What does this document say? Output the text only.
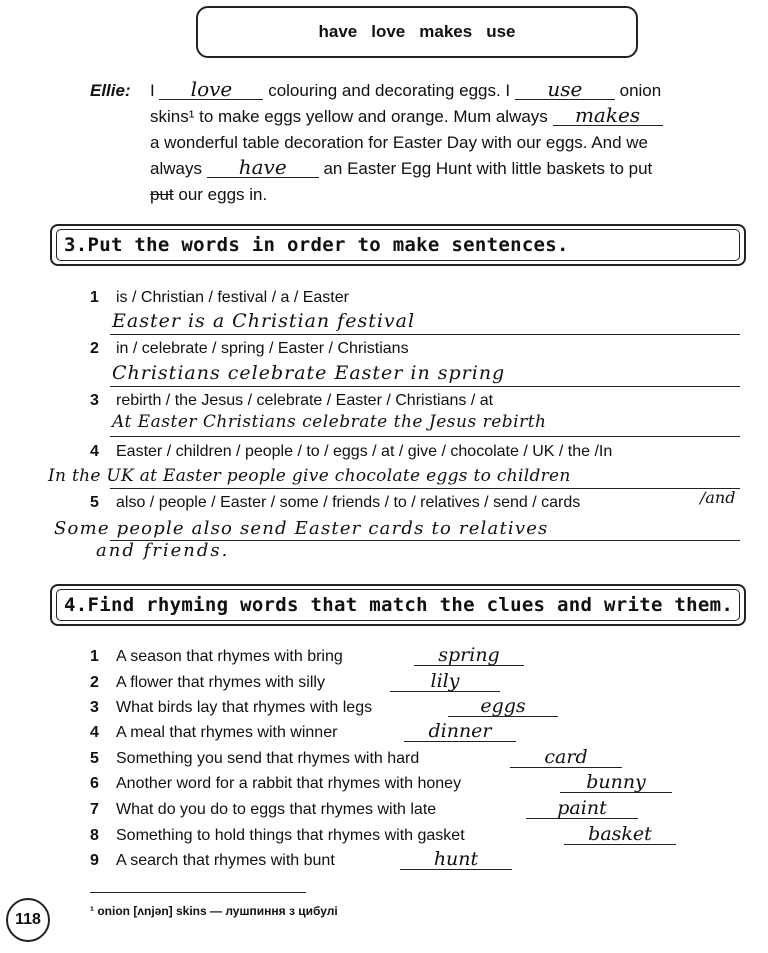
have love makes use
Ellie: I love colouring and decorating eggs. I use onion
skins¹ to make eggs yellow and orange. Mum always makes
a wonderful table decoration for Easter Day with our eggs. And we
always have an Easter Egg Hunt with little baskets to put
put our eggs in.
3.Put the words in order to make sentences.
1 is / Christian / festival / a / Easter
Easter is a Christian festival
2 in / celebrate / spring / Easter / Christians
Christians celebrate Easter in spring
3 rebirth / the Jesus / celebrate / Easter / Christians / at
At Easter Christians celebrate the Jesus rebirth
4 Easter / children / people / to / eggs / at / give / chocolate / UK / the /In
In the UK at Easter people give chocolate eggs to children
5 also / people / Easter / some / friends / to / relatives / send / cards	/and
Some people also send Easter cards to relatives
and friends.
4.Find rhyming words that match the clues and write them.
1 A season that rhymes with bring	spring
2 A flower that rhymes with silly	lily
3 What birds lay that rhymes with legs	eggs
4 A meal that rhymes with winner	dinner
5 Something you send that rhymes with hard	card
6 Another word for a rabbit that rhymes with honey	bunny
7 What do you do to eggs that rhymes with late	paint
8 Something to hold things that rhymes with gasket	basket
9 A search that rhymes with bunt	hunt
¹ onion [ʌnjən] skins — лушпиння з цибулі
118
